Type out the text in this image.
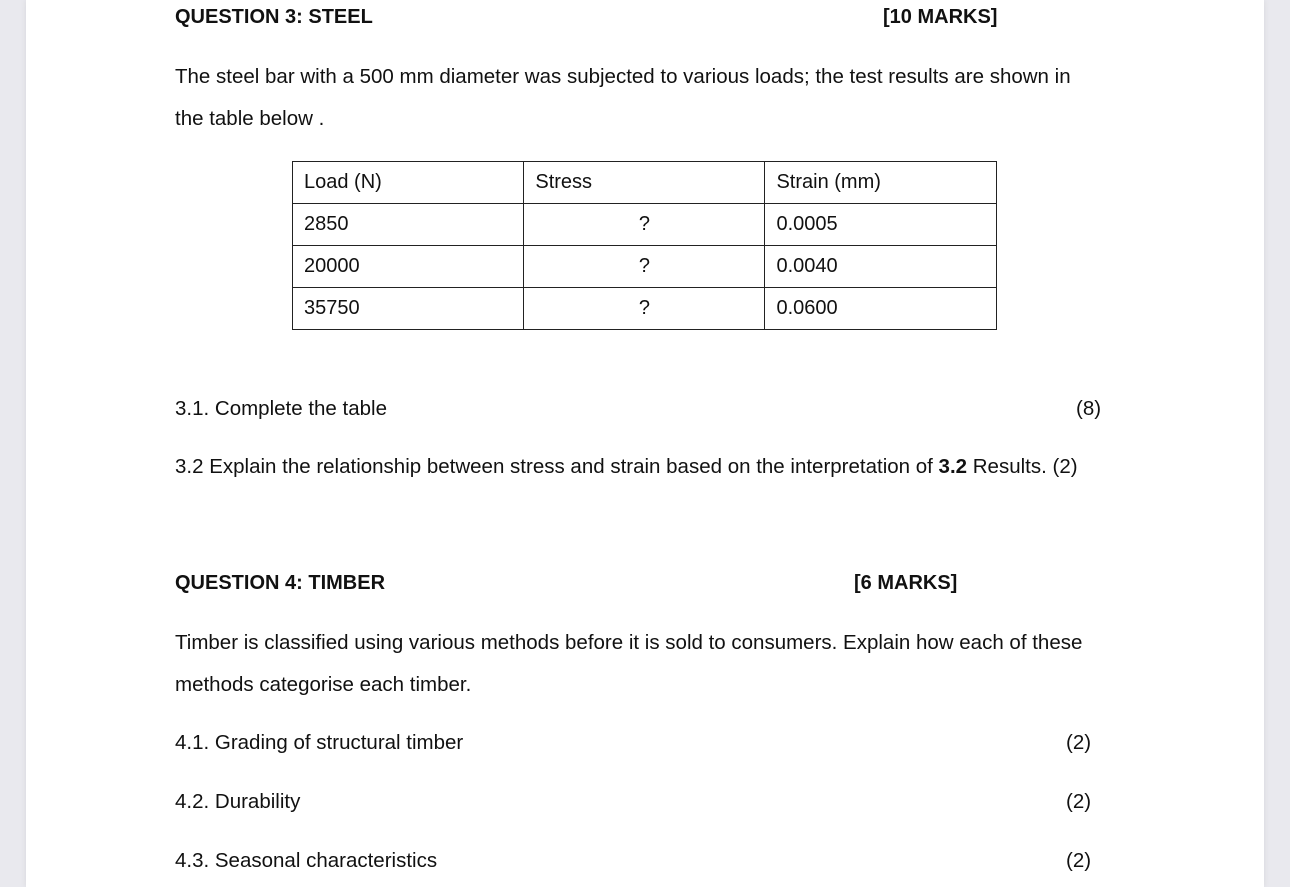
QUESTION 3: STEEL	[10 MARKS]
The steel bar with a 500 mm diameter was subjected to various loads; the test results are shown in
the table below .
Load (N)	Stress	Strain (mm)
2850	?	0.0005
20000	?	0.0040
35750	?	0.0600
3.1. Complete the table	(8)
3.2 Explain the relationship between stress and strain based on the interpretation of 3.2 Results. (2)
QUESTION 4: TIMBER	[6 MARKS]
Timber is classified using various methods before it is sold to consumers. Explain how each of these
methods categorise each timber.
4.1. Grading of structural timber	(2)
4.2. Durability	(2)
4.3. Seasonal characteristics	(2)
